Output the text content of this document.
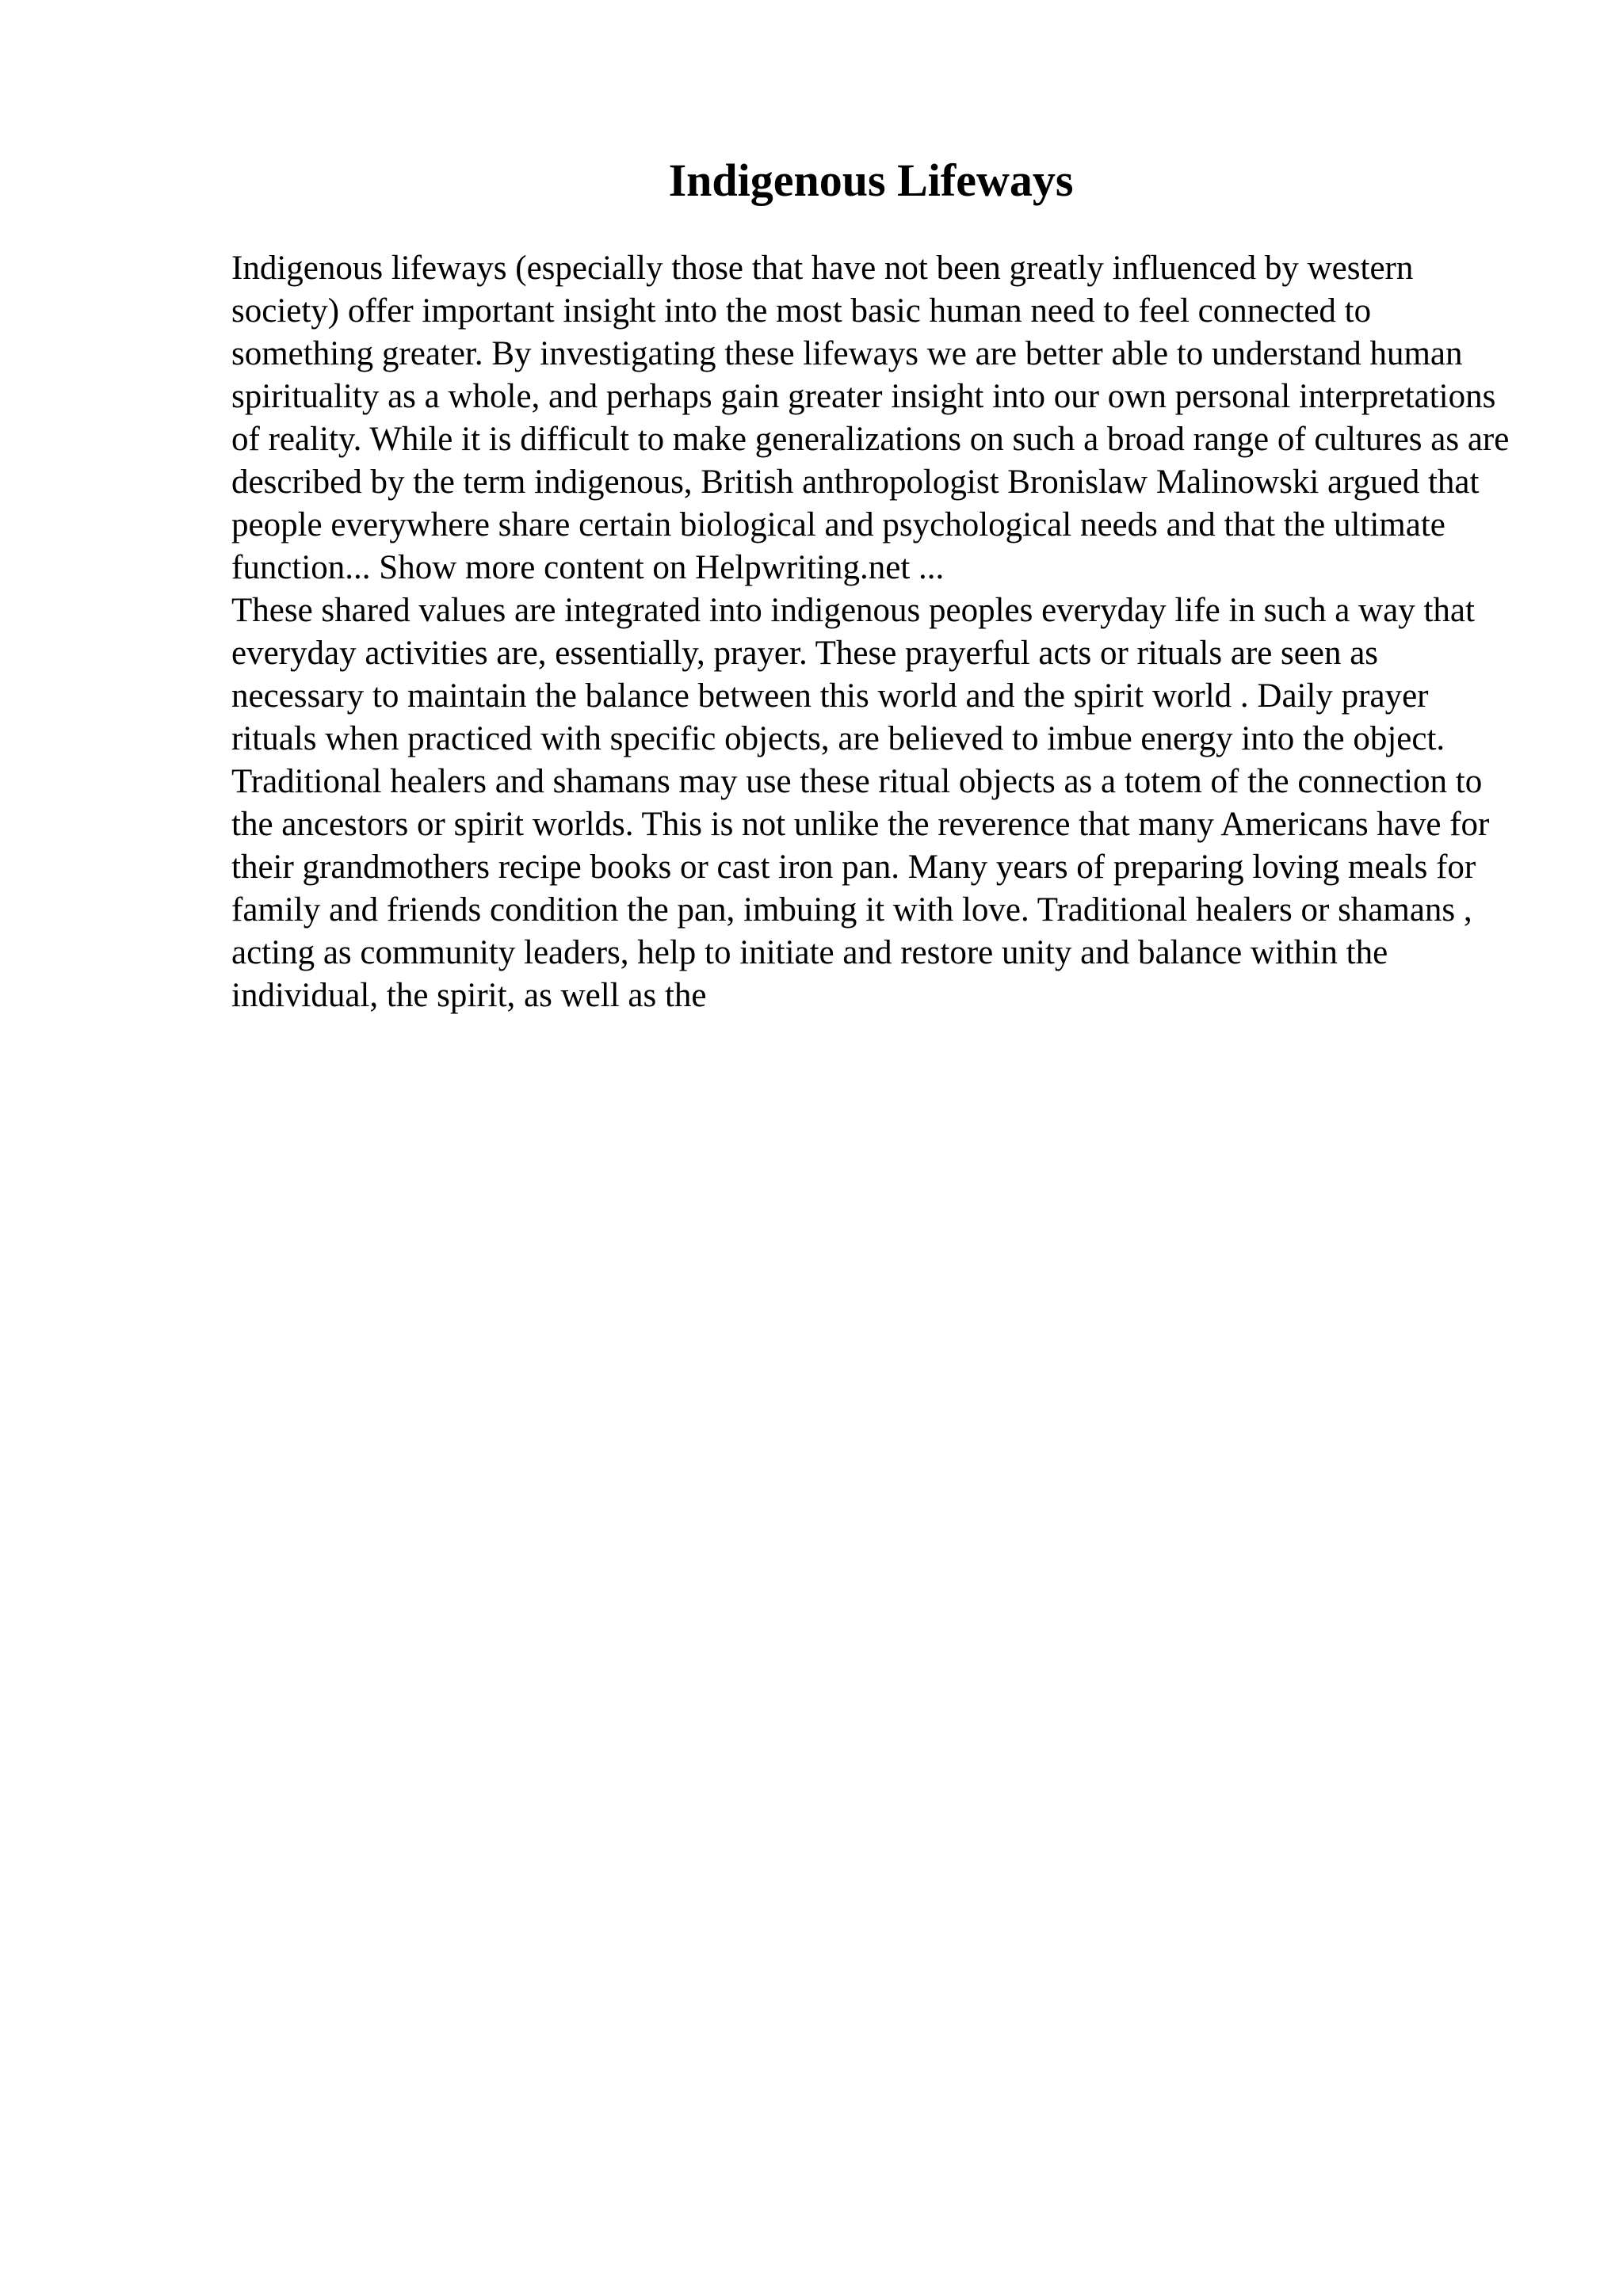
Indigenous Lifeways

Indigenous lifeways (especially those that have not been greatly influenced by western society) offer important insight into the most basic human need to feel connected to something greater. By investigating these lifeways we are better able to understand human spirituality as a whole, and perhaps gain greater insight into our own personal interpretations of reality. While it is difficult to make generalizations on such a broad range of cultures as are described by the term indigenous, British anthropologist Bronislaw Malinowski argued that people everywhere share certain biological and psychological needs and that the ultimate function... Show more content on Helpwriting.net ...

These shared values are integrated into indigenous peoples everyday life in such a way that everyday activities are, essentially, prayer. These prayerful acts or rituals are seen as necessary to maintain the balance between this world and the spirit world . Daily prayer rituals when practiced with specific objects, are believed to imbue energy into the object. Traditional healers and shamans may use these ritual objects as a totem of the connection to the ancestors or spirit worlds. This is not unlike the reverence that many Americans have for their grandmothers recipe books or cast iron pan. Many years of preparing loving meals for family and friends condition the pan, imbuing it with love. Traditional healers or shamans , acting as community leaders, help to initiate and restore unity and balance within the individual, the spirit, as well as the
